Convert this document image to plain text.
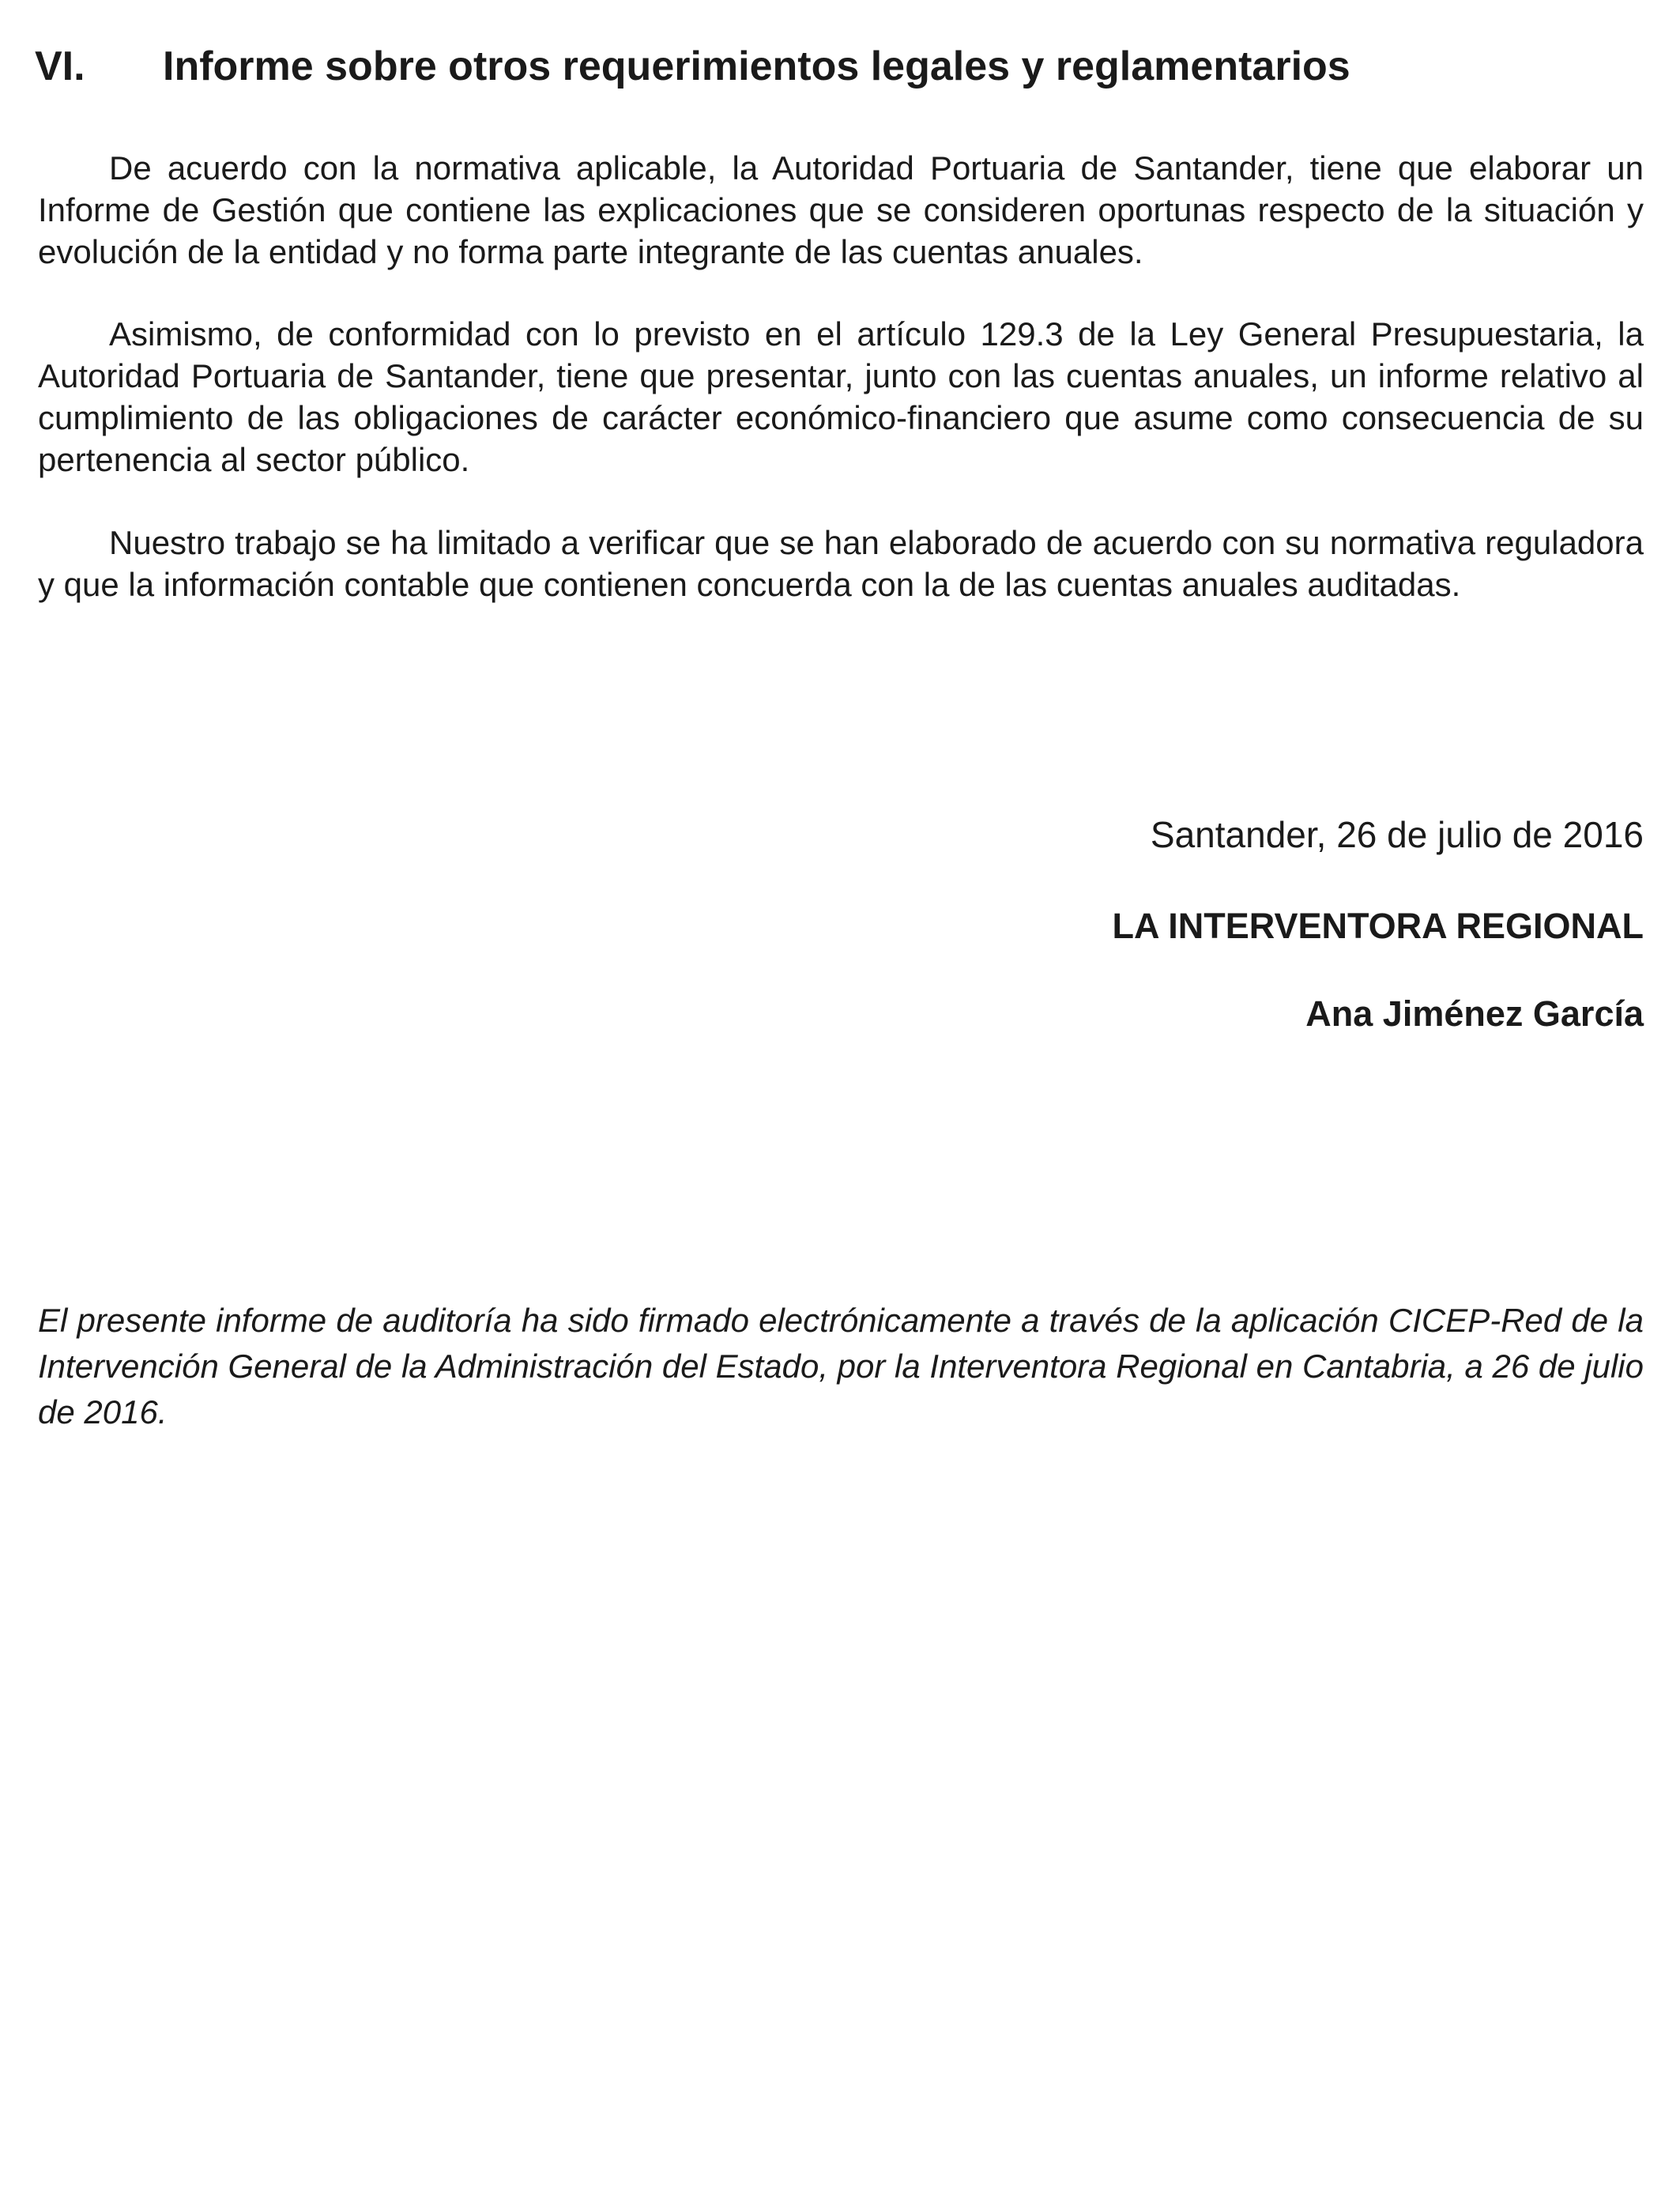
VI. Informe sobre otros requerimientos legales y reglamentarios

De acuerdo con la normativa aplicable, la Autoridad Portuaria de Santander, tiene que elaborar un Informe de Gestión que contiene las explicaciones que se consideren oportunas respecto de la situación y evolución de la entidad y no forma parte integrante de las cuentas anuales.

Asimismo, de conformidad con lo previsto en el artículo 129.3 de la Ley General Presupuestaria, la Autoridad Portuaria de Santander, tiene que presentar, junto con las cuentas anuales, un informe relativo al cumplimiento de las obligaciones de carácter económico-financiero que asume como consecuencia de su pertenencia al sector público.

Nuestro trabajo se ha limitado a verificar que se han elaborado de acuerdo con su normativa reguladora y que la información contable que contienen concuerda con la de las cuentas anuales auditadas.

Santander, 26 de julio de 2016
LA INTERVENTORA REGIONAL
Ana Jiménez García

El presente informe de auditoría ha sido firmado electrónicamente a través de la aplicación CICEP-Red de la Intervención General de la Administración del Estado, por la Interventora Regional en Cantabria, a 26 de julio de 2016.
